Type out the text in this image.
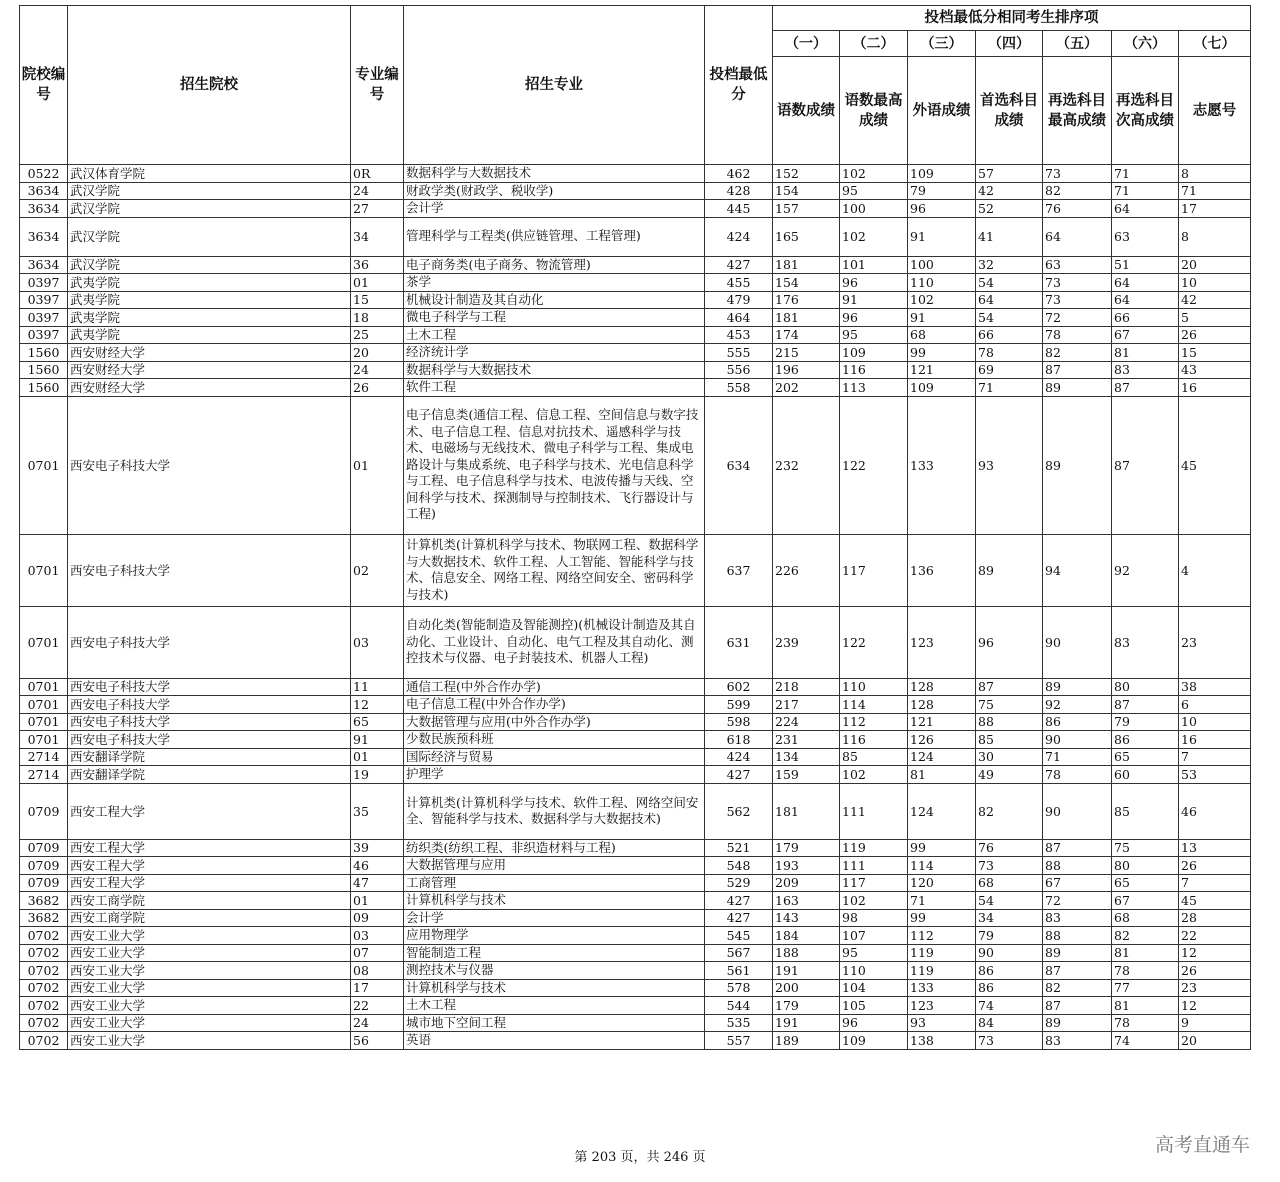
院校编号	招生院校	专业编号	招生专业	投档最低分	投档最低分相同考生排序项						
					（一）	（二）	（三）	（四）	（五）	（六）	（七）
					语数成绩	语数最高成绩	外语成绩	首选科目成绩	再选科目最高成绩	再选科目次高成绩	志愿号
0522	武汉体育学院	0R	数据科学与大数据技术	462	152	102	109	57	73	71	8
3634	武汉学院	24	财政学类(财政学、税收学)	428	154	95	79	42	82	71	71
3634	武汉学院	27	会计学	445	157	100	96	52	76	64	17
3634	武汉学院	34	管理科学与工程类(供应链管理、工程管理)	424	165	102	91	41	64	63	8
3634	武汉学院	36	电子商务类(电子商务、物流管理)	427	181	101	100	32	63	51	20
0397	武夷学院	01	茶学	455	154	96	110	54	73	64	10
0397	武夷学院	15	机械设计制造及其自动化	479	176	91	102	64	73	64	42
0397	武夷学院	18	微电子科学与工程	464	181	96	91	54	72	66	5
0397	武夷学院	25	土木工程	453	174	95	68	66	78	67	26
1560	西安财经大学	20	经济统计学	555	215	109	99	78	82	81	15
1560	西安财经大学	24	数据科学与大数据技术	556	196	116	121	69	87	83	43
1560	西安财经大学	26	软件工程	558	202	113	109	71	89	87	16
0701	西安电子科技大学	01	电子信息类(通信工程、信息工程、空间信息与数字技术、电子信息工程、信息对抗技术、遥感科学与技术、电磁场与无线技术、微电子科学与工程、集成电路设计与集成系统、电子科学与技术、光电信息科学与工程、电子信息科学与技术、电波传播与天线、空间科学与技术、探测制导与控制技术、飞行器设计与工程)	634	232	122	133	93	89	87	45
0701	西安电子科技大学	02	计算机类(计算机科学与技术、物联网工程、数据科学与大数据技术、软件工程、人工智能、智能科学与技术、信息安全、网络工程、网络空间安全、密码科学与技术)	637	226	117	136	89	94	92	4
0701	西安电子科技大学	03	自动化类(智能制造及智能测控)(机械设计制造及其自动化、工业设计、自动化、电气工程及其自动化、测控技术与仪器、电子封装技术、机器人工程)	631	239	122	123	96	90	83	23
0701	西安电子科技大学	11	通信工程(中外合作办学)	602	218	110	128	87	89	80	38
0701	西安电子科技大学	12	电子信息工程(中外合作办学)	599	217	114	128	75	92	87	6
0701	西安电子科技大学	65	大数据管理与应用(中外合作办学)	598	224	112	121	88	86	79	10
0701	西安电子科技大学	91	少数民族预科班	618	231	116	126	85	90	86	16
2714	西安翻译学院	01	国际经济与贸易	424	134	85	124	30	71	65	7
2714	西安翻译学院	19	护理学	427	159	102	81	49	78	60	53
0709	西安工程大学	35	计算机类(计算机科学与技术、软件工程、网络空间安全、智能科学与技术、数据科学与大数据技术)	562	181	111	124	82	90	85	46
0709	西安工程大学	39	纺织类(纺织工程、非织造材料与工程)	521	179	119	99	76	87	75	13
0709	西安工程大学	46	大数据管理与应用	548	193	111	114	73	88	80	26
0709	西安工程大学	47	工商管理	529	209	117	120	68	67	65	7
3682	西安工商学院	01	计算机科学与技术	427	163	102	71	54	72	67	45
3682	西安工商学院	09	会计学	427	143	98	99	34	83	68	28
0702	西安工业大学	03	应用物理学	545	184	107	112	79	88	82	22
0702	西安工业大学	07	智能制造工程	567	188	95	119	90	89	81	12
0702	西安工业大学	08	测控技术与仪器	561	191	110	119	86	87	78	26
0702	西安工业大学	17	计算机科学与技术	578	200	104	133	86	82	77	23
0702	西安工业大学	22	土木工程	544	179	105	123	74	87	81	12
0702	西安工业大学	24	城市地下空间工程	535	191	96	93	84	89	78	9
0702	西安工业大学	56	英语	557	189	109	138	73	83	74	20
第 203 页，共 246 页
高考直通车
